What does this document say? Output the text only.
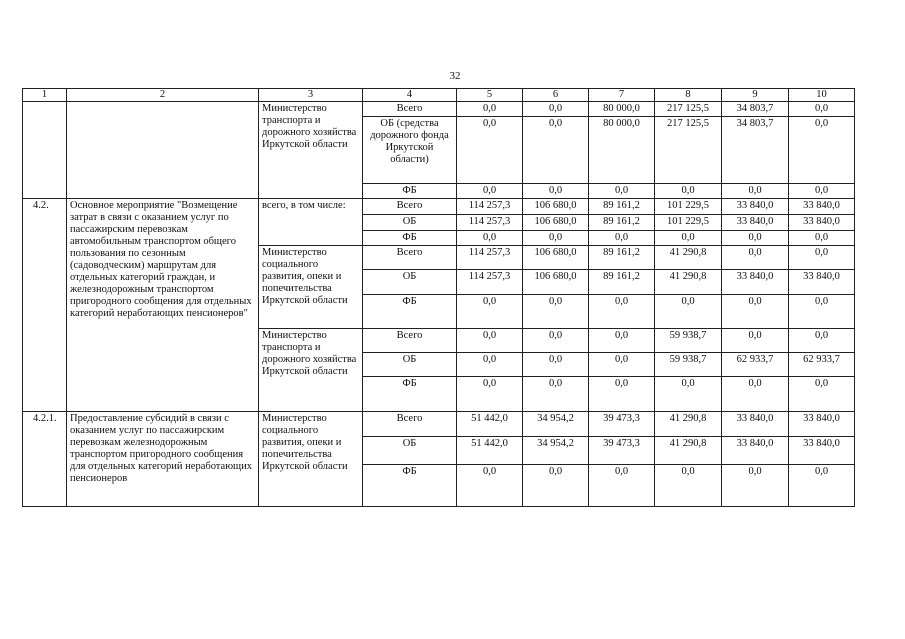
32
1	2	3	4	5	6	7	8	9	10
		Министерство транспорта и дорожного хозяйства Иркутской области	Всего	0,0	0,0	80 000,0	217 125,5	34 803,7	0,0
			ОБ (средства дорожного фонда Иркутской области)	0,0	0,0	80 000,0	217 125,5	34 803,7	0,0
			ФБ	0,0	0,0	0,0	0,0	0,0	0,0
4.2.	Основное мероприятие "Возмещение затрат в связи с оказанием услуг по пассажирским перевозкам автомобильным транспортом общего пользования по сезонным (садоводческим) маршрутам для отдельных категорий граждан, и железнодорожным транспортом пригородного сообщения для отдельных категорий неработающих пенсионеров"	всего, в том числе:	Всего	114 257,3	106 680,0	89 161,2	101 229,5	33 840,0	33 840,0
			ОБ	114 257,3	106 680,0	89 161,2	101 229,5	33 840,0	33 840,0
			ФБ	0,0	0,0	0,0	0,0	0,0	0,0
		Министерство социального развития, опеки и попечительства Иркутской области	Всего	114 257,3	106 680,0	89 161,2	41 290,8	0,0	0,0
			ОБ	114 257,3	106 680,0	89 161,2	41 290,8	33 840,0	33 840,0
			ФБ	0,0	0,0	0,0	0,0	0,0	0,0
		Министерство транспорта и дорожного хозяйства Иркутской области	Всего	0,0	0,0	0,0	59 938,7	0,0	0,0
			ОБ	0,0	0,0	0,0	59 938,7	62 933,7	62 933,7
			ФБ	0,0	0,0	0,0	0,0	0,0	0,0
4.2.1.	Предоставление субсидий в связи с оказанием услуг по пассажирским перевозкам железнодорожным транспортом пригородного сообщения для отдельных категорий неработающих пенсионеров	Министерство социального развития, опеки и попечительства Иркутской области	Всего	51 442,0	34 954,2	39 473,3	41 290,8	33 840,0	33 840,0
			ОБ	51 442,0	34 954,2	39 473,3	41 290,8	33 840,0	33 840,0
			ФБ	0,0	0,0	0,0	0,0	0,0	0,0
